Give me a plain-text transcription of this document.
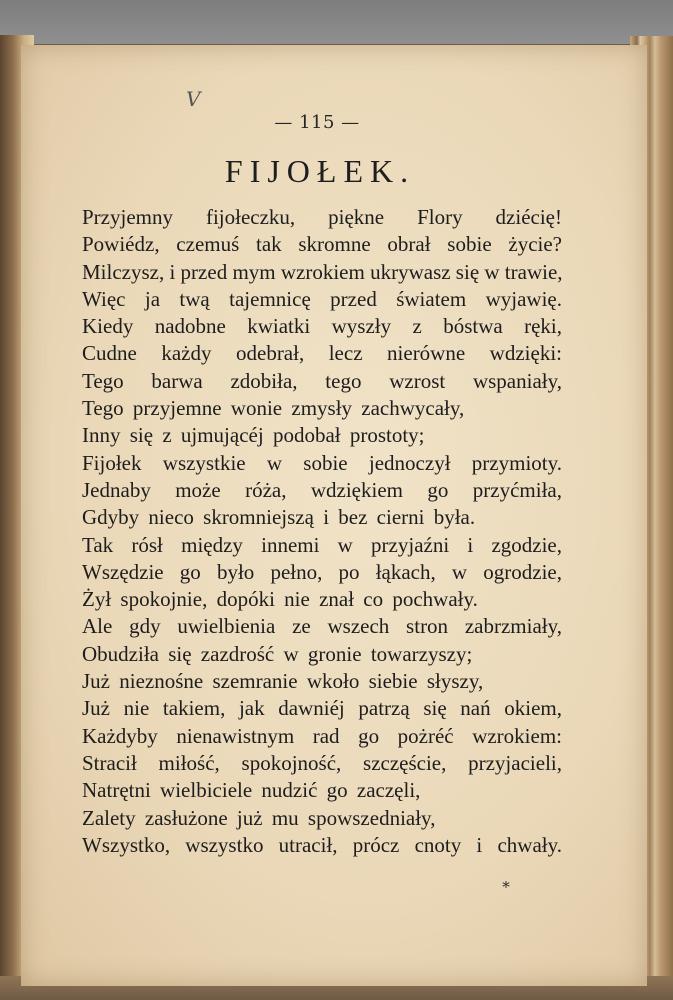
V
— 115 —
FIJOŁEK.
Przyjemny fijołeczku, piękne Flory dziécię!
Powiédz, czemuś tak skromne obrał sobie życie?
Milczysz, i przed mym wzrokiem ukrywasz się w trawie,
Więc ja twą tajemnicę przed światem wyjawię.
Kiedy nadobne kwiatki wyszły z bóstwa ręki,
Cudne każdy odebrał, lecz nierówne wdzięki:
Tego barwa zdobiła, tego wzrost wspaniały,
Tego przyjemne wonie zmysły zachwycały,
Inny się z ujmującéj podobał prostoty;
Fijołek wszystkie w sobie jednoczył przymioty.
Jednaby może róża, wdziękiem go przyćmiła,
Gdyby nieco skromniejszą i bez cierni była.
Tak rósł między innemi w przyjaźni i zgodzie,
Wszędzie go było pełno, po łąkach, w ogrodzie,
Żył spokojnie, dopóki nie znał co pochwały.
Ale gdy uwielbienia ze wszech stron zabrzmiały,
Obudziła się zazdrość w gronie towarzyszy;
Już nieznośne szemranie wkoło siebie słyszy,
Już nie takiem, jak dawniéj patrzą się nań okiem,
Każdyby nienawistnym rad go pożréć wzrokiem:
Stracił miłość, spokojność, szczęście, przyjacieli,
Natrętni wielbiciele nudzić go zaczęli,
Zalety zasłużone już mu spowszedniały,
Wszystko, wszystko utracił, prócz cnoty i chwały.
*
